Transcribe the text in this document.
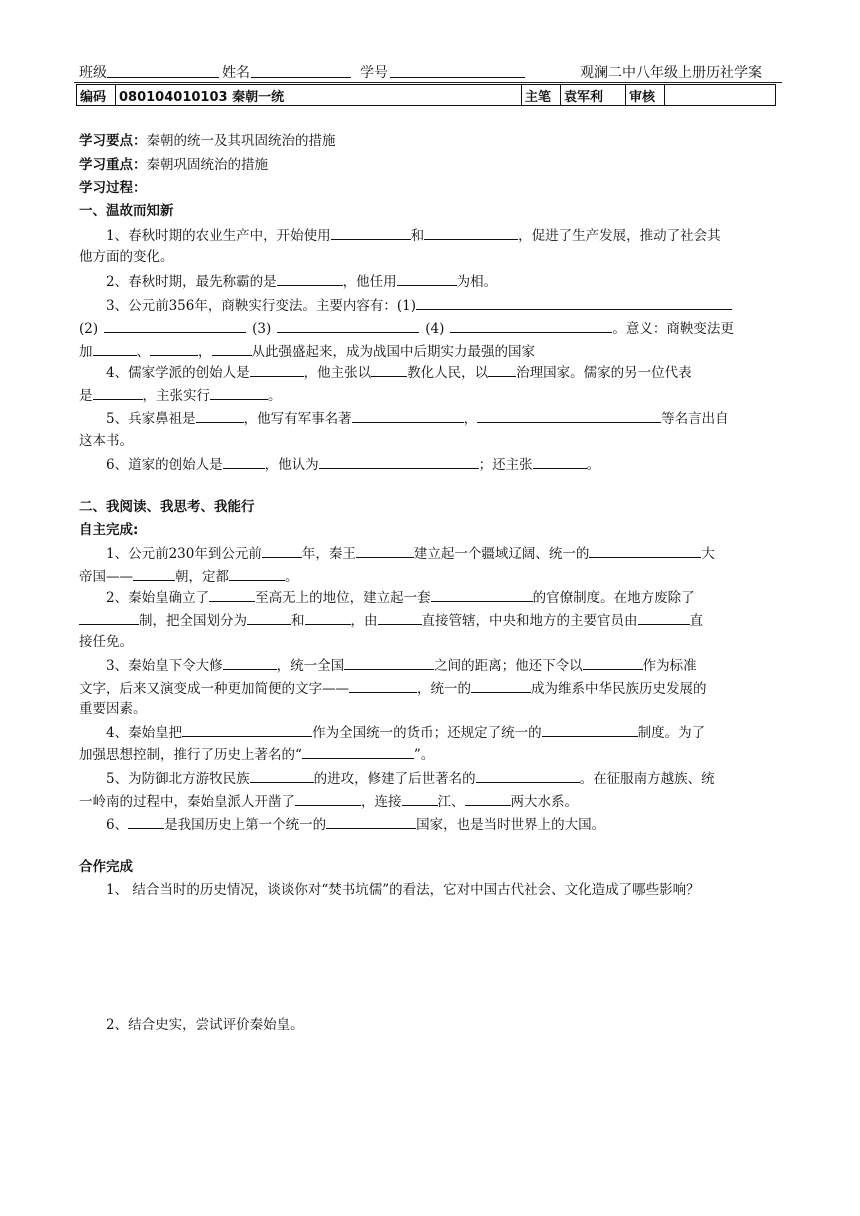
班级	姓名	学号	观澜二中八年级上册历社学案
编码	080104010103 秦朝一统	主笔	袁军利	审核	
学习要点：秦朝的统一及其巩固统治的措施
学习重点：秦朝巩固统治的措施
学习过程：
一、温故而知新
1、春秋时期的农业生产中，开始使用	和	，促进了生产发展，推动了社会其
他方面的变化。
2、春秋时期，最先称霸的是	，他任用	为相。
3、公元前356年，商鞅实行变法。主要内容有：(1)
(2)	(3)	(4)	。意义：商鞅变法更
加	、	，	从此强盛起来，成为战国中后期实力最强的国家
4、儒家学派的创始人是	，他主张以	教化人民，以 治理国家。儒家的另一位代表
是	，主张实行	。
5、兵家鼻祖是	，他写有军事名著	，	等名言出自
这本书。
6、道家的创始人是	，他认为	；还主张	。
二、我阅读、我思考、我能行
自主完成:
1、公元前230年到公元前	年，秦王	建立起一个疆域辽阔、统一的	大
帝国——	朝，定都	。
2、秦始皇确立了	至高无上的地位，建立起一套	的官僚制度。在地方废除了
制，把全国划分为	和	，由	直接管辖，中央和地方的主要官员由	直
接任免。
3、秦始皇下令大修	，统一全国	之间的距离；他还下令以	作为标准
文字，后来又演变成一种更加简便的文字——	，统一的	成为维系中华民族历史发展的
重要因素。
4、秦始皇把	作为全国统一的货币；还规定了统一的	制度。为了
加强思想控制，推行了历史上著名的“	”。
5、为防御北方游牧民族	的进攻，修建了后世著名的	。在征服南方越族、统
一岭南的过程中，秦始皇派人开凿了	，连接	江、	两大水系。
6、	是我国历史上第一个统一的	国家，也是当时世界上的大国。
合作完成
1、 结合当时的历史情况，谈谈你对“焚书坑儒”的看法，它对中国古代社会、文化造成了哪些影响？
2、结合史实，尝试评价秦始皇。
